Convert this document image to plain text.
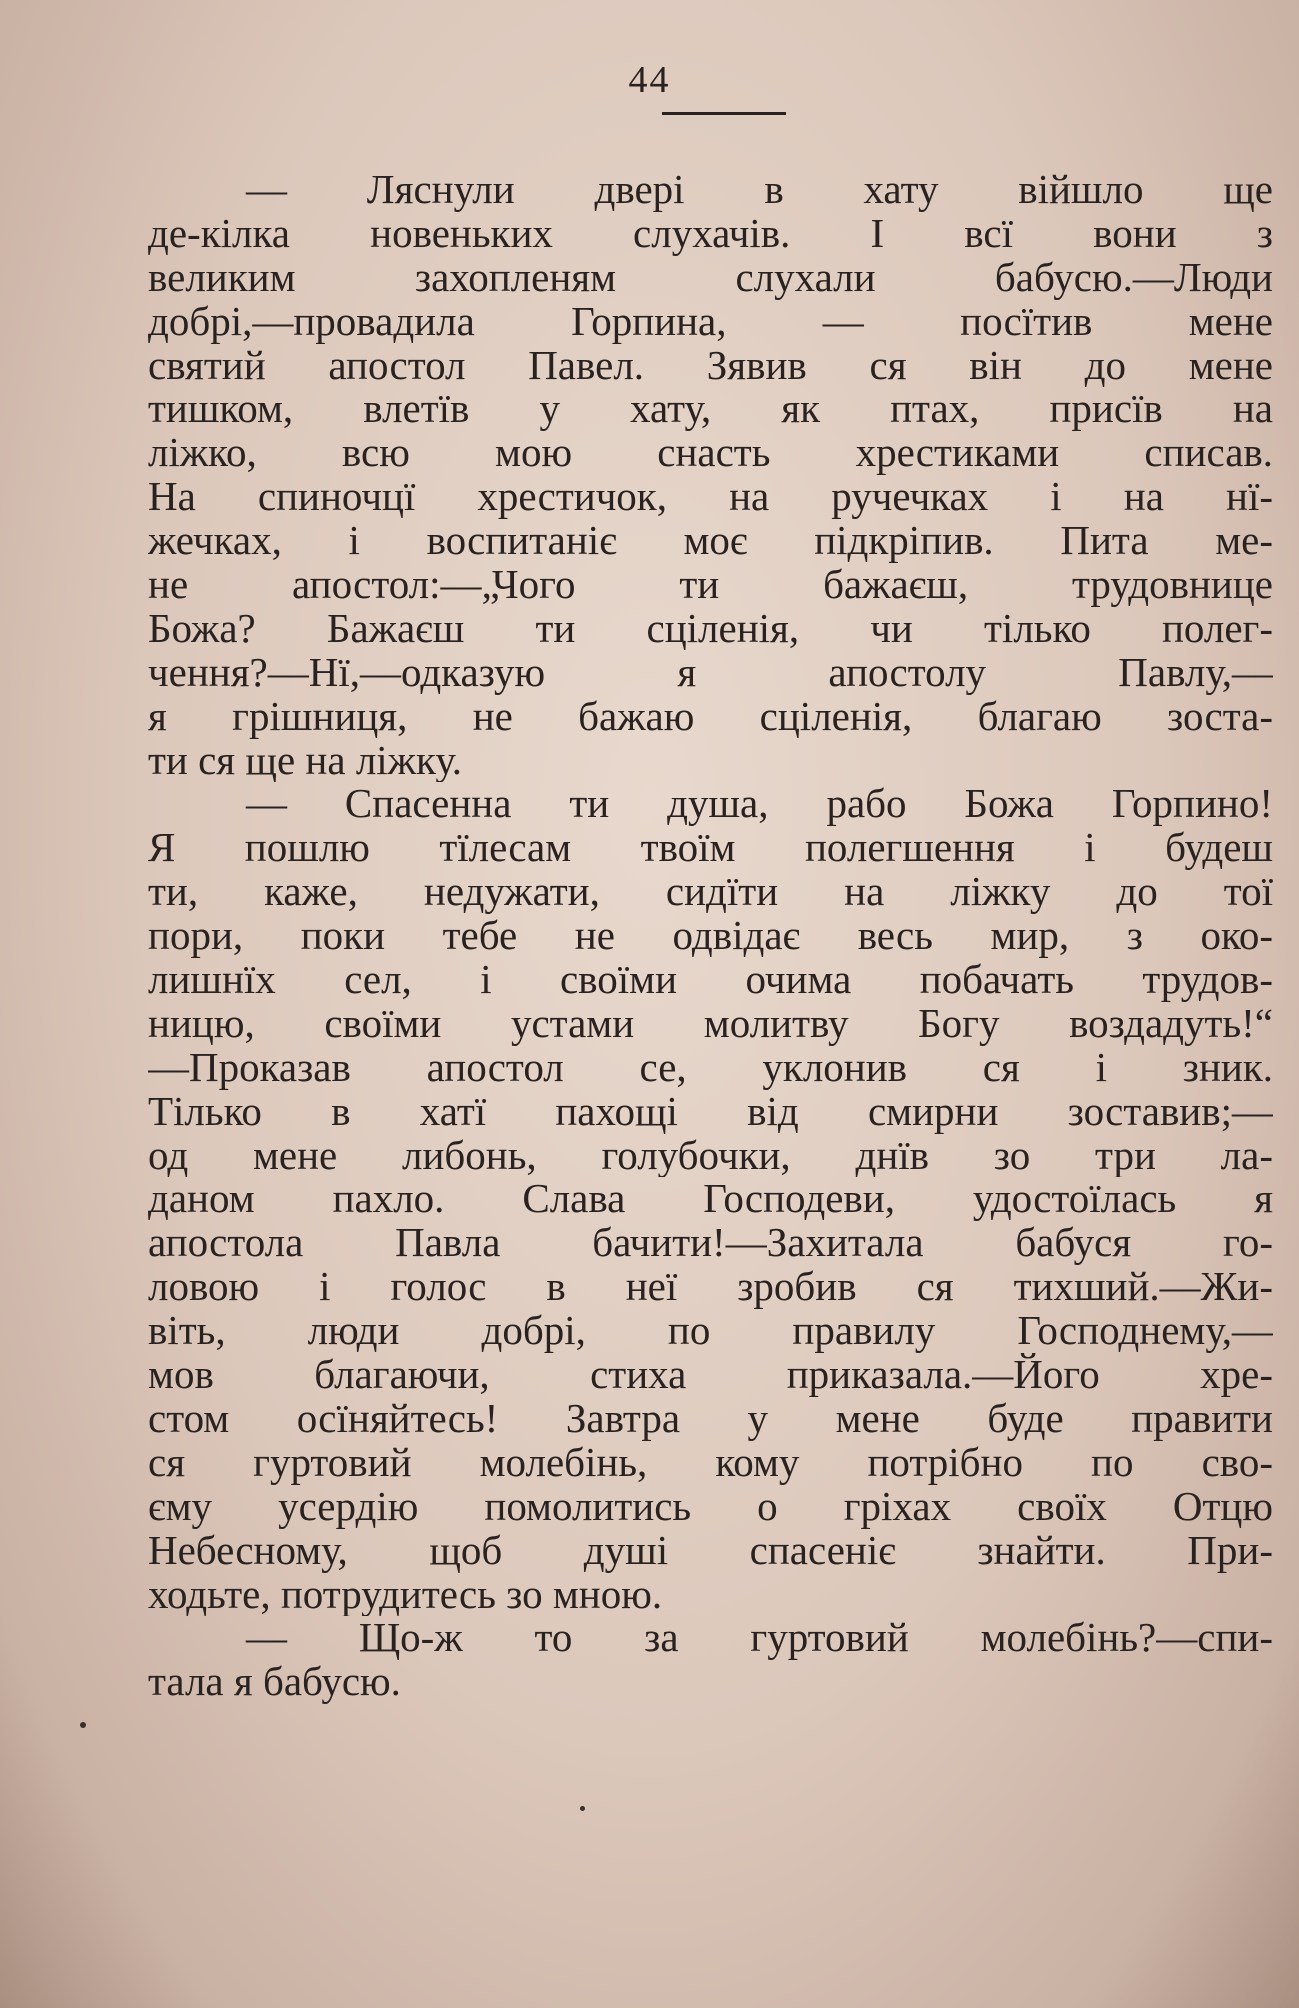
44
— Ляснули двері в хату війшло ще
де-кілка новеньких слухачів. І всї вони з
великим захопленям слухали бабусю.—Люди
добрі,—провадила Горпина, — посїтив мене
святий апостол Павел. Зявив ся він до мене
тишком, влетїв у хату, як птах, присїв на
ліжко, всю мою снасть хрестиками списав.
На спиночцї хрестичок, на ручечках і на нї-
жечках, і воспитаніє моє підкріпив. Пита ме-
не апостол:—„Чого ти бажаєш, трудовнице
Божа? Бажаєш ти сціленія, чи тілько полег-
чення?—Нї,—одказую я апостолу Павлу,—
я грішниця, не бажаю сціленія, благаю зоста-
ти ся ще на ліжку.
— Спасенна ти душа, рабо Божа Горпино!
Я пошлю тїлесам твоїм полегшення і будеш
ти, каже, недужати, сидїти на ліжку до тої
пори, поки тебе не одвідає весь мир, з око-
лишнїх сел, і своїми очима побачать трудов-
ницю, своїми устами молитву Богу воздадуть!“
—Проказав апостол се, уклонив ся і зник.
Тілько в хатї пахощі від смирни зоставив;—
од мене либонь, голубочки, днїв зо три ла-
даном пахло. Слава Господеви, удостоїлась я
апостола Павла бачити!—Захитала бабуся го-
ловою і голос в неї зробив ся тихший.—Жи-
віть, люди добрі, по правилу Господнему,—
мов благаючи, стиха приказала.—Його хре-
стом осїняйтесь! Завтра у мене буде правити
ся гуртовий молебінь, кому потрібно по сво-
єму усердію помолитись о гріхах своїх Отцю
Небесному, щоб душі спасеніє знайти. При-
ходьте, потрудитесь зо мною.
— Що-ж то за гуртовий молебінь?—спи-
тала я бабусю.
